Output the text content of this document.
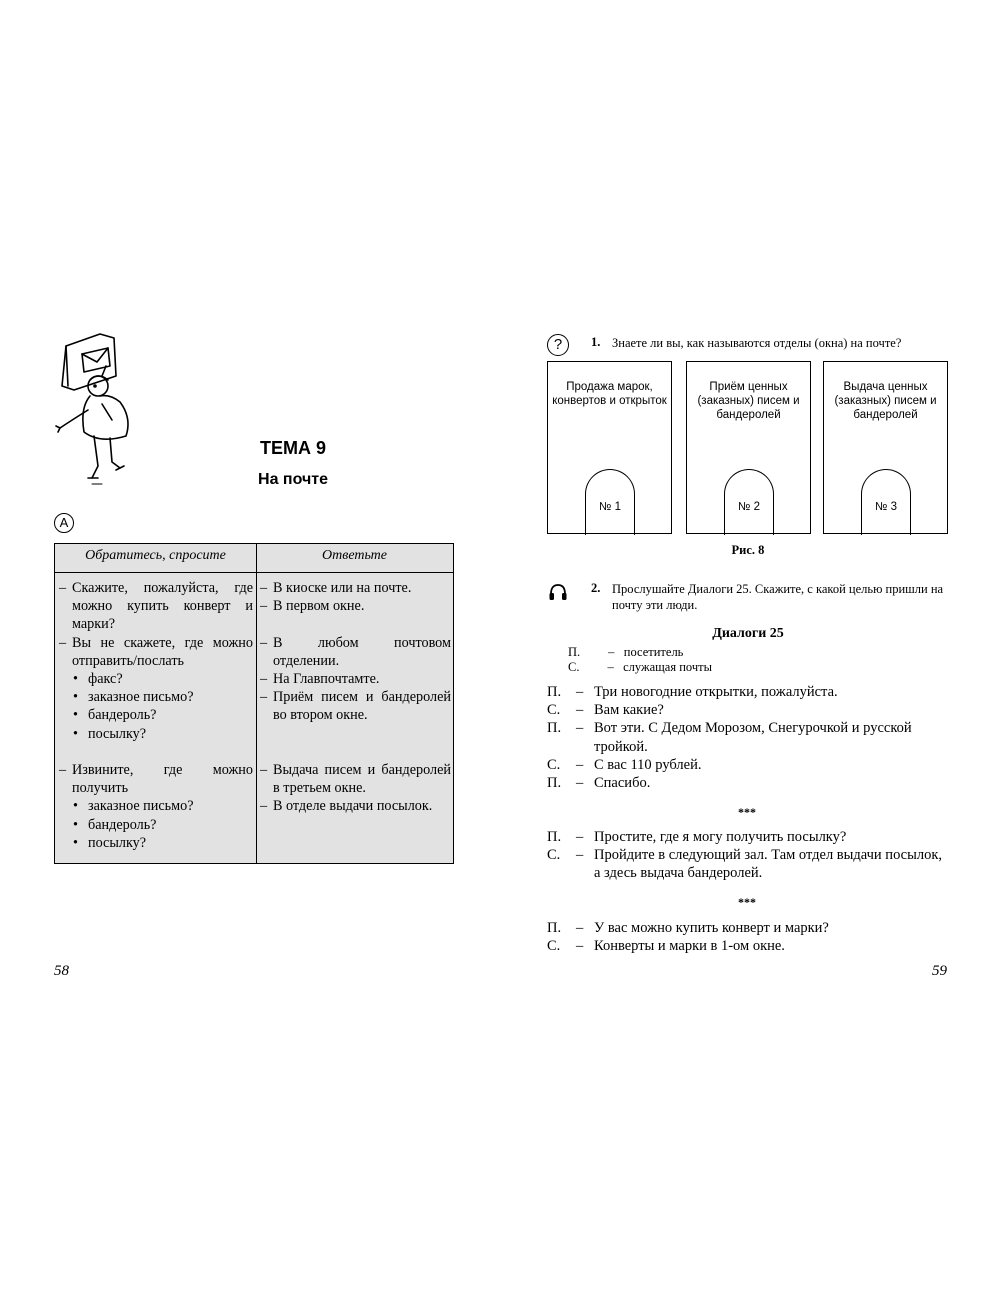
ТЕМА 9
На почте
A
Обратитесь, спросите	Ответьте
– Скажите, пожалуйста, где можно купить конверт и марки?
– Вы не скажете, где можно отправить/послать
• факс?
• заказное письмо?
• бандероль?
• посылку?
– Извините, где можно получить
• заказное письмо?
• бандероль?
• посылку?
– В киоске или на почте.
– В первом окне.
– В любом почтовом отделении.
– На Главпочтамте.
– Приём писем и бандеролей во втором окне.
– Выдача писем и бандеролей в третьем окне.
– В отделе выдачи посылок.
58
?	1. Знаете ли вы, как называются отделы (окна) на почте?
Продажа марок, конвертов и открыток
№ 1
Приём ценных (заказных) писем и бандеролей
№ 2
Выдача ценных (заказных) писем и бандеролей
№ 3
Рис. 8
2. Прослушайте Диалоги 25. Скажите, с какой целью пришли на почту эти люди.
Диалоги 25
П. – посетитель
С. – служащая почты
П. – Три новогодние открытки, пожалуйста.
С. – Вам какие?
П. – Вот эти. С Дедом Морозом, Снегурочкой и русской тройкой.
С. – С вас 110 рублей.
П. – Спасибо.
***
П. – Простите, где я могу получить посылку?
С. – Пройдите в следующий зал. Там отдел выдачи посылок, а здесь выдача бандеролей.
***
П. – У вас можно купить конверт и марки?
С. – Конверты и марки в 1-ом окне.
59
